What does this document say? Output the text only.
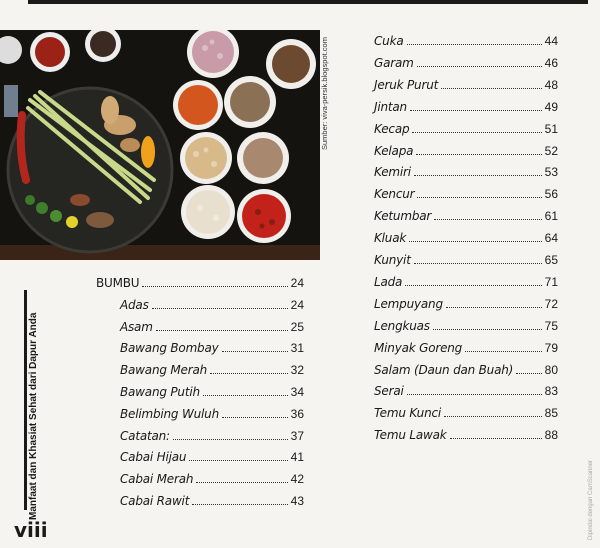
Sumber: viva-persik.blogspot.com
BUMBU	24
Adas	24
Asam	25
Bawang Bombay	31
Bawang Merah	32
Bawang Putih	34
Belimbing Wuluh	36
Catatan:	37
Cabai Hijau	41
Cabai Merah	42
Cabai Rawit	43
Cuka	44
Garam	46
Jeruk Purut	48
Jintan	49
Kecap	51
Kelapa	52
Kemiri	53
Kencur	56
Ketumbar	61
Kluak	64
Kunyit	65
Lada	71
Lempuyang	72
Lengkuas	75
Minyak Goreng	79
Salam (Daun dan Buah)	80
Serai	83
Temu Kunci	85
Temu Lawak	88
Manfaat dan Khasiat Sehat dari Dapur Anda
viii	Dipindai dengan CamScanner
